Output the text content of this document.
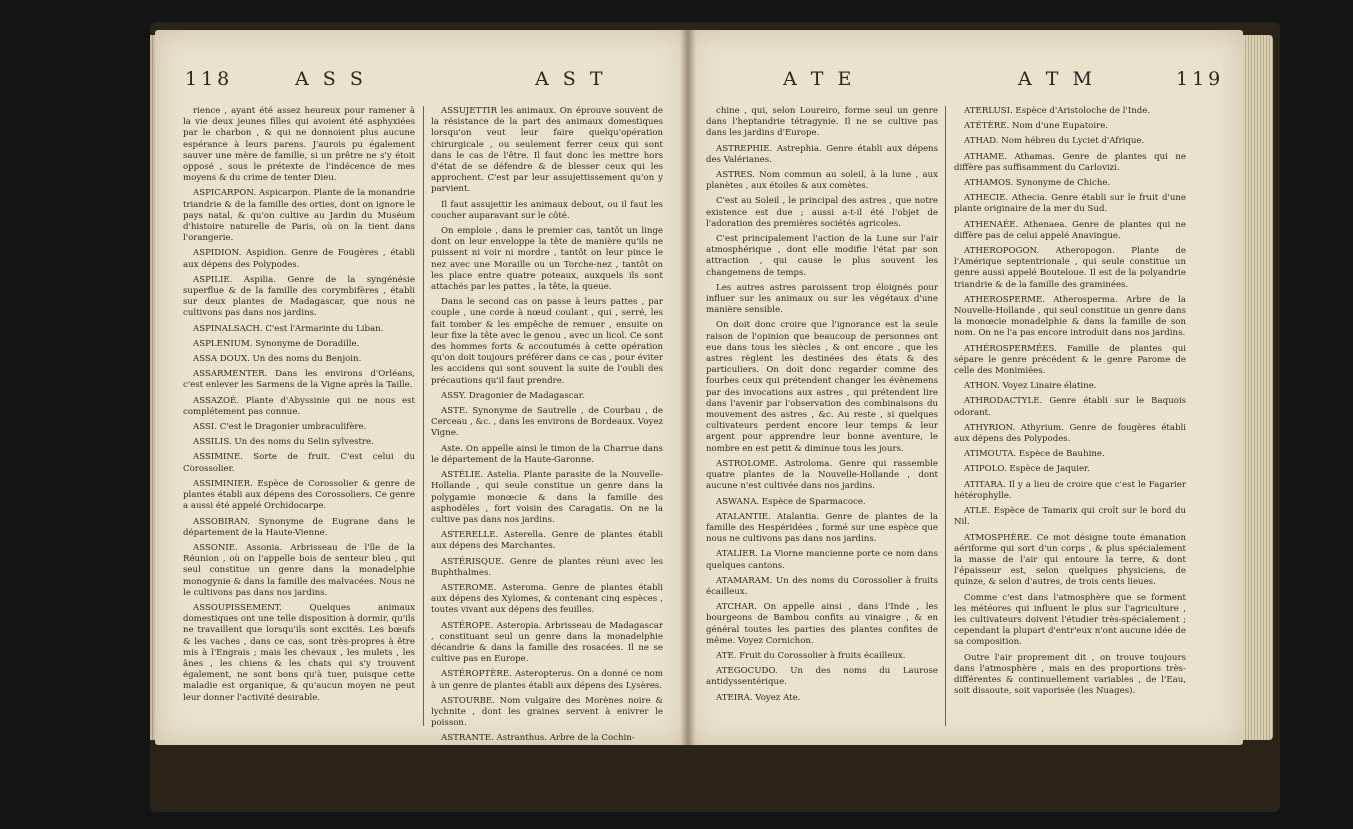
118	A S S	A S T

rience , ayant été assez heureux pour ramener à la vie deux jeunes filles qui avoient été asphyxiées par le charbon , & qui ne donnoient plus aucune espérance à leurs parens. J'aurois pu également sauver une mère de famille, si un prêtre ne s'y étoit opposé , sous le prétexte de l'indécence de mes moyens & du crime de tenter Dieu.

ASPICARPON. Aspicarpon. Plante de la monandrie triandrie & de la famille des orties, dont on ignore le pays natal, & qu'on cultive au Jardin du Muséum d'histoire naturelle de Paris, où on la tient dans l'orangerie.

ASPIDION. Aspidion. Genre de Fougères , établi aux dépens des Polypodes.

ASPILIE. Aspilia. Genre de la syngénésie superflue & de la famille des corymbifères , établi sur deux plantes de Madagascar, que nous ne cultivons pas dans nos jardins.

ASPINALSACH. C'est l'Armarinte du Liban.

ASPLENIUM. Synonyme de Doradille.

ASSA DOUX. Un des noms du Benjoin.

ASSARMENTER. Dans les environs d'Orléans, c'est enlever les Sarmens de la Vigne après la Taille.

ASSAZOÉ. Plante d'Abyssinie qui ne nous est complétement pas connue.

ASSI. C'est le Dragonier umbraculifère.

ASSILIS. Un des noms du Selin sylvestre.

ASSIMINE. Sorte de fruit. C'est celui du Corossolier.

ASSIMINIER. Espèce de Corossolier & genre de plantes établi aux dépens des Corossoliers. Ce genre a aussi été appelé Orchidocarpe.

ASSOBIRAN. Synonyme de Eugrane dans le département de la Haute-Vienne.

ASSONIE. Assonia. Arbrisseau de l'île de la Réunion , où on l'appelle bois de senteur bleu , qui seul constitue un genre dans la monadelphie monogynie & dans la famille des malvacées. Nous ne le cultivons pas dans nos jardins.

ASSOUPISSEMENT. Quelques animaux domestiques ont une telle disposition à dormir, qu'ils ne travaillent que lorsqu'ils sont excités. Les bœufs & les vaches , dans ce cas, sont très-propres à être mis à l'Engrais ; mais les chevaux , les mulets , les ânes , les chiens & les chats qui s'y trouvent également, ne sont bons qu'à tuer, puisque cette maladie est organique, & qu'aucun moyen ne peut leur donner l'activité desirable.

ASSUJETTIR les animaux. On éprouve souvent de la résistance de la part des animaux domestiques lorsqu'on veut leur faire quelqu'opération chirurgicale , ou seulement ferrer ceux qui sont dans le cas de l'être. Il faut donc les mettre hors d'état de se défendre & de blesser ceux qui les approchent. C'est par leur assujettissement qu'on y parvient.

Il faut assujettir les animaux debout, ou il faut les coucher auparavant sur le côté.

On emploie , dans le premier cas, tantôt un linge dont on leur enveloppe la tête de manière qu'ils ne puissent ni voir ni mordre , tantôt on leur pince le nez avec une Moraille ou un Torche-nez , tantôt on les place entre quatre poteaux, auxquels ils sont attachés par les pattes , la tête, la queue.

Dans le second cas on passe à leurs pattes , par couple , une corde à nœud coulant , qui , serré, les fait tomber & les empêche de remuer , ensuite on leur fixe la tête avec le genou , avec un licol. Ce sont des hommes forts & accoutumés à cette opération qu'on doit toujours préférer dans ce cas , pour éviter les accidens qui sont souvent la suite de l'oubli des précautions qu'il faut prendre.

ASSY. Dragonier de Madagascar.

ASTE. Synonyme de Sautrelle , de Courbau , de Cerceau , &c. , dans les environs de Bordeaux. Voyez Vigne.

Aste. On appelle ainsi le timon de la Charrue dans le département de la Haute-Garonne.

ASTÉLIE. Astelia. Plante parasite de la Nouvelle-Hollande , qui seule constitue un genre dans la polygamie monœcie & dans la famille des asphodèles , fort voisin des Caragatis. On ne la cultive pas dans nos jardins.

ASTERELLE. Asterella. Genre de plantes établi aux dépens des Marchantes.

ASTÉRISQUE. Genre de plantes réuni avec les Buphthalmes.

ASTEROME. Asteroma. Genre de plantes établi aux dépens des Xylomes, & contenant cinq espèces , toutes vivant aux dépens des feuilles.

ASTÉROPE. Asteropia. Arbrisseau de Madagascar , constituant seul un genre dans la monadelphie décandrie & dans la famille des rosacées. Il ne se cultive pas en Europe.

ASTÉROPTÈRE. Asteropterus. On a donné ce nom à un genre de plantes établi aux dépens des Lysères.

ASTOURBE. Nom vulgaire des Morènes noire & lychnite , dont les graines servent à enivrer le poisson.

ASTRANTE. Astranthus. Arbre de la Cochin-

A T E	A T M	119

chine , qui, selon Loureiro, forme seul un genre dans l'heptandrie tétragynie. Il ne se cultive pas dans les jardins d'Europe.

ASTREPHIE. Astrephia. Genre établi aux dépens des Valérianes.

ASTRES. Nom commun au soleil, à la lune , aux planètes , aux étoiles & aux comètes.

C'est au Soleil , le principal des astres , que notre existence est due ; aussi a-t-il été l'objet de l'adoration des premières sociétés agricoles.

C'est principalement l'action de la Lune sur l'air atmosphérique , dont elle modifie l'état par son attraction , qui cause le plus souvent les changemens de temps.

Les autres astres paroissent trop éloignés pour influer sur les animaux ou sur les végétaux d'une manière sensible.

On doit donc croire que l'ignorance est la seule raison de l'opinion que beaucoup de personnes ont eue dans tous les siècles , & ont encore , que les astres règlent les destinées des états & des particuliers. On doit donc regarder comme des fourbes ceux qui prétendent changer les évènemens par des invocations aux astres , qui prétendent lire dans l'avenir par l'observation des combinaisons du mouvement des astres , &c. Au reste , si quelques cultivateurs perdent encore leur temps & leur argent pour apprendre leur bonne aventure, le nombre en est petit & diminue tous les jours.

ASTROLOME. Astroloma. Genre qui rassemble quatre plantes de la Nouvelle-Hollande , dont aucune n'est cultivée dans nos jardins.

ASWANA. Espèce de Sparmacoce.

ATALANTIE. Atalantia. Genre de plantes de la famille des Hespéridées , formé sur une espèce que nous ne cultivons pas dans nos jardins.

ATALIER. La Viorne mancienne porte ce nom dans quelques cantons.

ATAMARAM. Un des noms du Corossolier à fruits écailleux.

ATCHAR. On appelle ainsi , dans l'Inde , les bourgeons de Bambou confits au vinaigre , & en général toutes les parties des plantes confites de même. Voyez Cornichon.

ATE. Fruit du Corossolier à fruits écailleux.

ATEGOCUDO. Un des noms du Laurose antidyssentérique.

ATEIRA. Voyez Ate.

ATERLUSI. Espèce d'Aristoloche de l'Inde.

ATÉTÈRE. Nom d'une Eupatoire.

ATHAD. Nom hébreu du Lyciet d'Afrique.

ATHAME. Athamas. Genre de plantes qui ne diffère pas suffisamment du Carlovizi.

ATHAMOS. Synonyme de Chiche.

ATHECIE. Athecia. Genre établi sur le fruit d'une plante originaire de la mer du Sud.

ATHENAÉE. Athenaea. Genre de plantes qui ne diffère pas de celui appelé Anavingue.

ATHEROPOGON. Atheropogon. Plante de l'Amérique septentrionale , qui seule constitue un genre aussi appelé Bouteloue. Il est de la polyandrie triandrie & de la famille des graminées.

ATHEROSPERME. Atherosperma. Arbre de la Nouvelle-Hollande , qui seul constitue un genre dans la monœcie monadelphie & dans la famille de son nom. On ne l'a pas encore introduit dans nos jardins.

ATHÉROSPERMÉES. Famille de plantes qui sépare le genre précédent & le genre Parome de celle des Monimiées.

ATHON. Voyez Linaire élatine.

ATHRODACTYLE. Genre établi sur le Baquois odorant.

ATHYRION. Athyrium. Genre de fougères établi aux dépens des Polypodes.

ATIMOUTA. Espèce de Bauhine.

ATIPOLO. Espèce de Jaquier.

ATITARA. Il y a lieu de croire que c'est le Fagarier hétérophylle.

ATLE. Espèce de Tamarix qui croît sur le bord du Nil.

ATMOSPHÈRE. Ce mot désigne toute émanation aériforme qui sort d'un corps , & plus spécialement la masse de l'air qui entoure la terre, & dont l'épaisseur est, selon quelques physiciens, de quinze, & selon d'autres, de trois cents lieues.

Comme c'est dans l'atmosphère que se forment les météores qui influent le plus sur l'agriculture , les cultivateurs doivent l'étudier très-spécialement ; cependant la plupart d'entr'eux n'ont aucune idée de sa composition.

Outre l'air proprement dit , on trouve toujours dans l'atmosphère , mais en des proportions très-différentes & continuellement variables , de l'Eau, soit dissoute, soit vaporisée (les Nuages).
